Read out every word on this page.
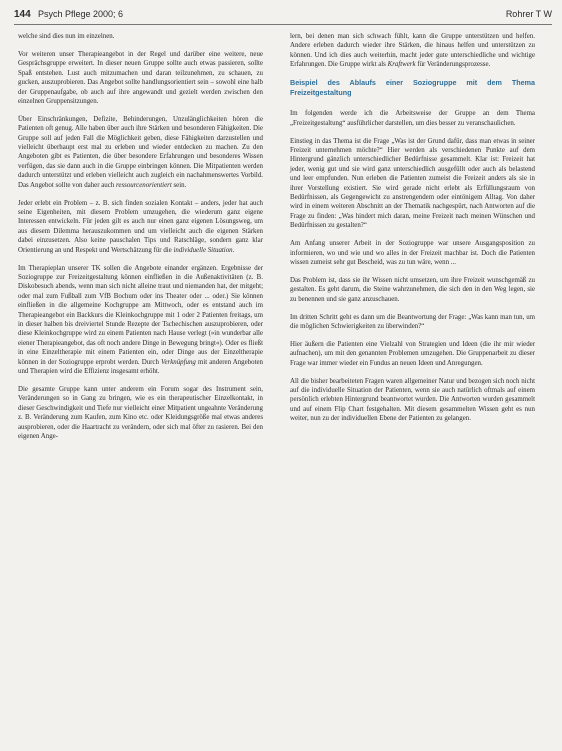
144 Psych Pflege 2000; 6	Rohrer T W

welche sind dies nun im einzelnen.

Vor weiteren unser Therapieangebot in der Regel und darüber eine weitere, neue Gesprächsgruppe erweitert. In dieser neuen Gruppe sollte auch etwas passieren, sollte Spaß entstehen. Lust auch mitzumachen und daran teilzunehmen, zu schauen, zu gucken, auszuprobieren. Das Angebot sollte handlungsorientiert sein – sowohl eine halb der Gruppenaufgabe, ob auch auf ihre angewandt und gezielt werden zwischen den einzelnen Gruppensitzungen.

Über Einschränkungen, Defizite, Behinderungen, Unzulänglichkeiten hören die Patienten oft genug. Alle haben über auch ihre Stärken und besonderen Fähigkeiten. Die Gruppe soll auf jeden Fall die Möglichkeit geben, diese Fähigkeiten darzustellen und vielleicht überhaupt erst mal zu erleben und wieder entdecken zu machen. Zu den Angeboten gibt es Patienten, die über besondere Erfahrungen und besonderes Wissen verfügen, das sie dann auch in die Gruppe einbringen können. Die Mitpatienten werden dadurch unterstützt und erleben vielleicht auch zugleich ein nachahmenswertes Vorbild. Das Angebot sollte von daher auch ressourcenorientiert sein.

Jeder erlebt ein Problem – z. B. sich finden sozialen Kontakt – anders, jeder hat auch seine Eigenheiten, mit diesem Problem umzugehen, die wiederum ganz eigene Interessen entwickeln. Für jeden gilt es auch nur einen ganz eigenen Lösungsweg, um aus diesem Dilemma herauszukommen und um vielleicht auch die eigenen Stärken dabei einzusetzen. Also keine pauschalen Tips und Ratschläge, sondern ganz klar Orientierung an und Respekt und Wertschätzung für die individuelle Situation.

Im Therapieplan unserer TK sollen die Angebote einander ergänzen. Ergebnisse der Soziogruppe zur Freizeitgestaltung können einfließen in die Außenaktivitäten (z. B. Diskobesuch abends, wenn man sich nicht alleine traut und niemanden hat, der mitgeht; oder mal zum Fußball zum VfB Bochum oder ins Theater oder ... oder.) Sie können einfließen in die allgemeine Kochgruppe am Mittwoch, oder es entstand auch im Therapieangebot ein Backkurs die Kleinkochgruppe mit 1 oder 2 Patienten freitags, um in dieser halben bis dreiviertel Stunde Rezepte der Tschechischen auszuprobieren, oder diese Kleinkochgruppe wird zu einem Patienten nach Hause verlegt (»in wunderbar alle eiener Therapieangebot, das oft noch andere Dinge in Bewegung bringt«). Oder es fließt in eine Einzeltherapie mit einem Patienten ein, oder Dinge aus der Einzeltherapie können in der Soziogruppe erprobt werden. Durch Verknüpfung mit anderen Angeboten und Therapien wird die Effizienz insgesamt erhöht.

Die gesamte Gruppe kann unter anderem ein Forum sogar des Instrument sein, Veränderungen so in Gang zu bringen, wie es ein therapeutischer Einzelkontakt, in dieser Geschwindigkeit und Tiefe nur vielleicht einer Mitpatient ungeahnte Veränderung z. B. Veränderung zum Kaufen, zum Kino etc. oder Kleidungsgröße mal etwas anderes ausprobieren, oder die Haartracht zu verändern, oder sich mal öfter zu rasieren. Bei den eigenen Ange-

lern, bei denen man sich schwach fühlt, kann die Gruppe unterstützen und helfen. Andere erleben dadurch wieder ihre Stärken, die hinaus helfen und unterstützen zu können. Und ich dies auch weiterhin, macht jeder gute unterschiedliche und wichtige Erfahrungen. Die Gruppe wirkt als Kraftwerk für Veränderungsprozesse.

Beispiel des Ablaufs einer Soziogruppe mit dem Thema Freizeitgestaltung

Im folgenden werde ich die Arbeitsweise der Gruppe an dem Thema „Freizeitgestaltung“ ausführlicher darstellen, um dies besser zu veranschaulichen.

Einstieg in das Thema ist die Frage „Was ist der Grund dafür, dass man etwas in seiner Freizeit unternehmen möchte?“ Hier werden als verschiedenen Punkte auf dem Hintergrund gänzlich unterschiedlicher Bedürfnisse gesammelt. Klar ist: Freizeit hat jeder, wenig gut und sie wird ganz unterschiedlich ausgefüllt oder auch als belastend und leer empfunden. Nun erleben die Patienten zumeist die Freizeit anders als sie in ihrer Vorstellung existiert. Sie wird gerade nicht erlebt als Erfüllungsraum von Bedürfnissen, als Gegengewicht zu anstrengendem oder eintönigem Alltag. Von daher wird in einem weiteren Abschnitt an der Thematik nachgespürt, nach Antworten auf die Frage zu finden: „Was hindert mich daran, meine Freizeit nach meinen Wünschen und Bedürfnissen zu gestalten?“

Am Anfang unserer Arbeit in der Soziogruppe war unsere Ausgangsposition zu informieren, wo und wie und wo alles in der Freizeit machbar ist. Doch die Patienten wissen zumeist sehr gut Bescheid, was zu tun wäre, wenn ...

Das Problem ist, dass sie ihr Wissen nicht umsetzen, um ihre Freizeit wunschgemäß zu gestalten. Es geht darum, die Steine wahrzunehmen, die sich den in den Weg legen, sie zu benennen und sie ganz anzuschauen.

Im dritten Schritt geht es dann um die Beantwortung der Frage: „Was kann man tun, um die möglichen Schwierigkeiten zu überwinden?“

Hier äußern die Patienten eine Vielzahl von Strategien und Ideen (die ihr mir wieder aufnachen), um mit den genannten Problemen umzugehen. Die Gruppenarbeit zu dieser Frage war immer wieder ein Fundus an neuen Ideen und Anregungen.

All die bisher bearbeiteten Fragen waren allgemeiner Natur und bezogen sich noch nicht auf die individuelle Situation der Patienten, wenn sie auch natürlich oftmals auf einem persönlich erlebten Hintergrund beantwortet wurden. Die Antworten wurden gesammelt und auf einem Flip Chart festgehalten. Mit diesem gesammelten Wissen geht es nun weiter, nun zu der individuellen Ebene der Patienten zu gelangen.
